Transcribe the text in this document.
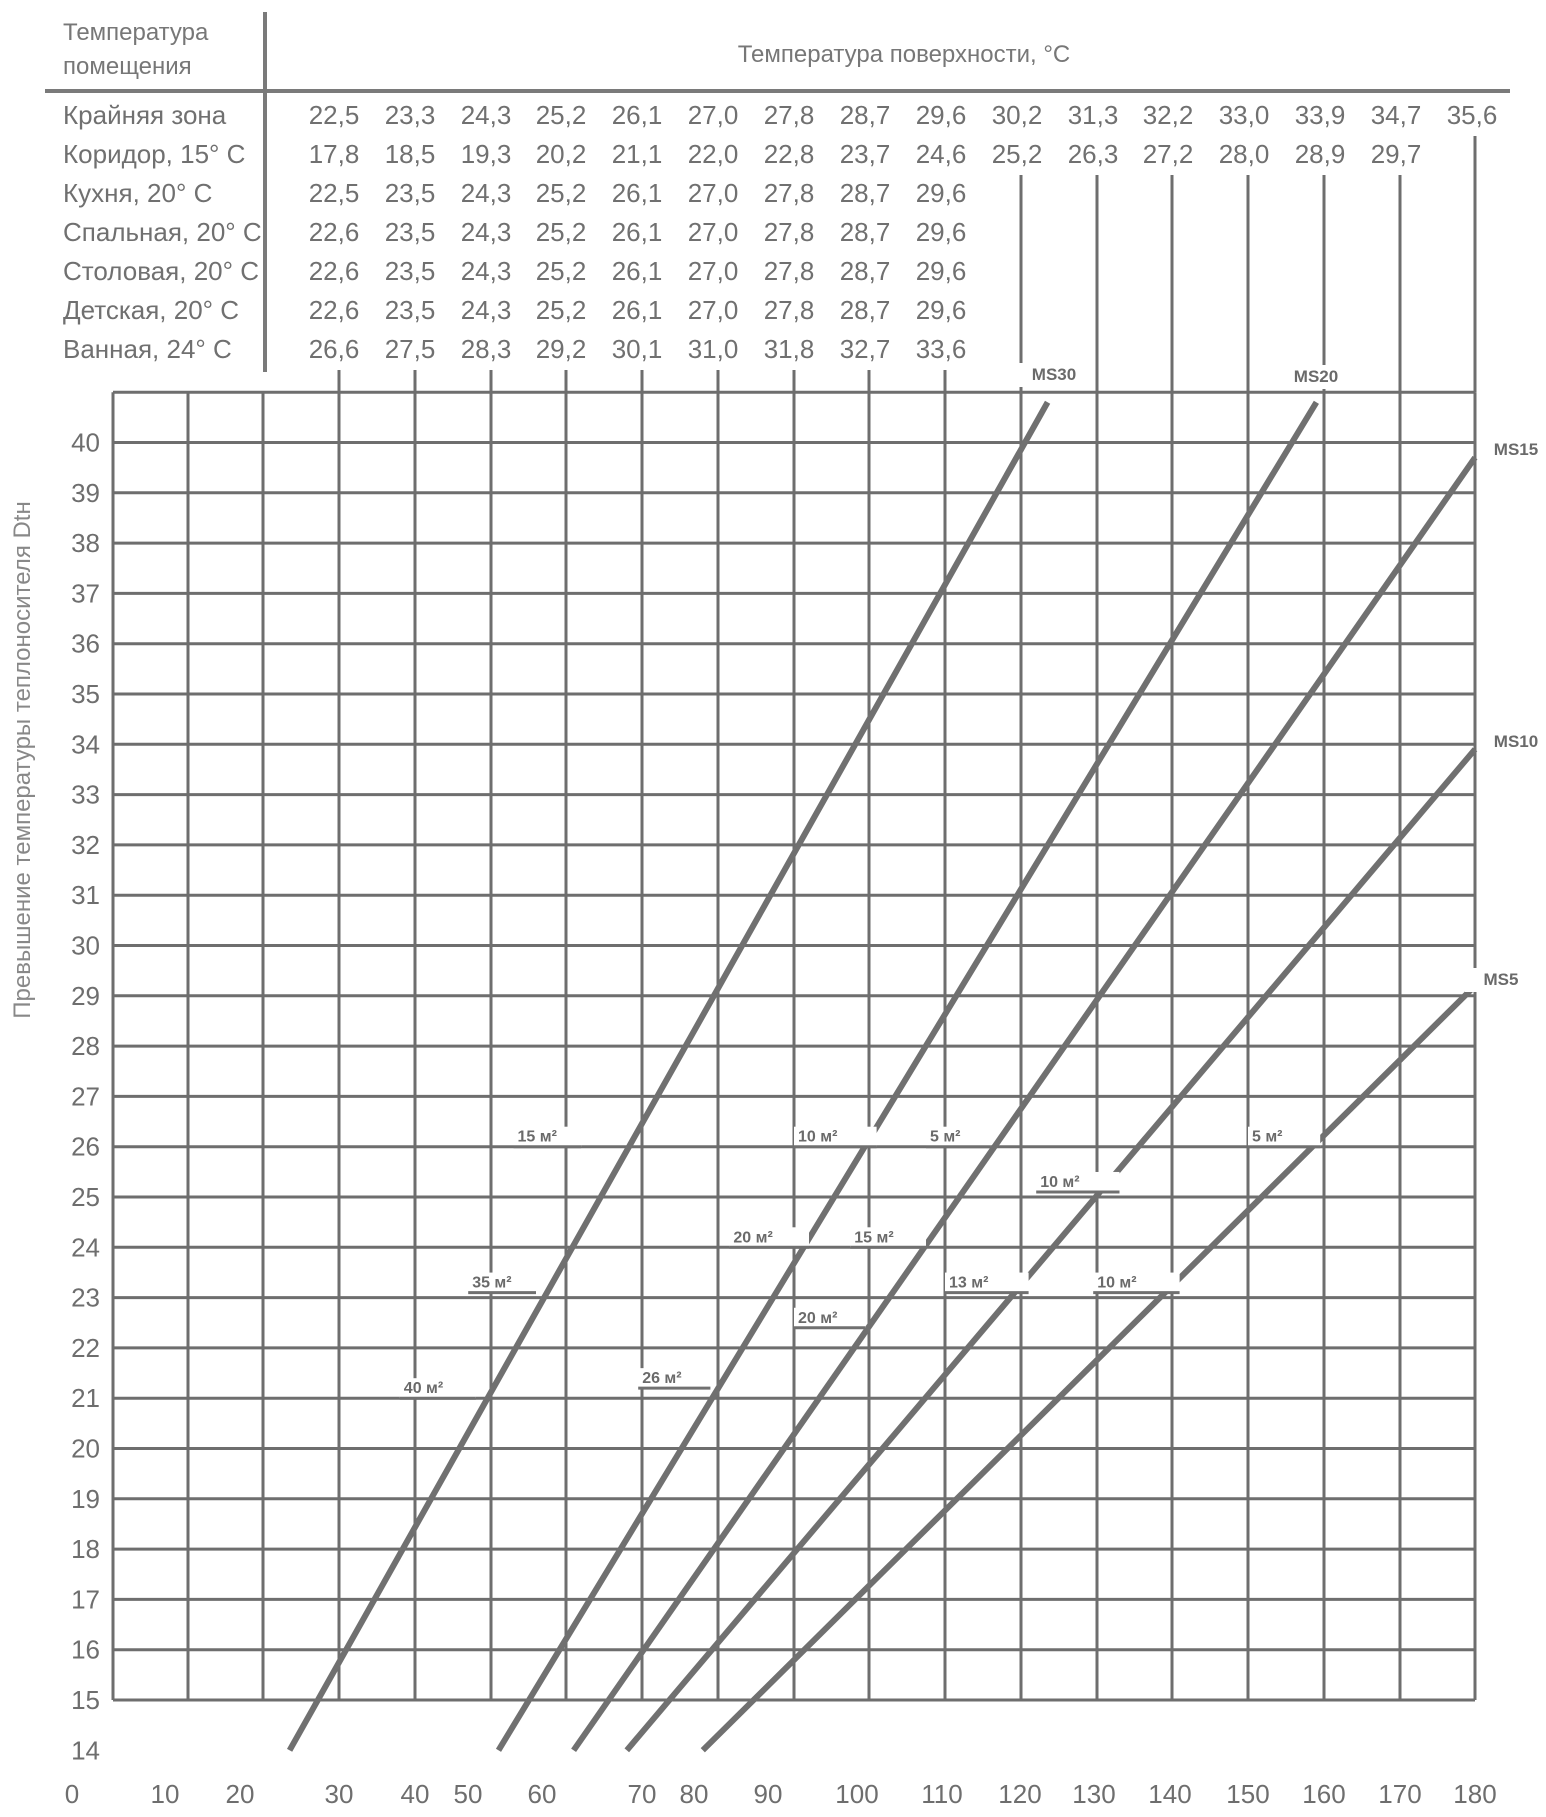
Температура помещения	Температура поверхности, °С
Крайняя зона	22,5 23,3 24,3 25,2 26,1 27,0 27,8 28,7 29,6 30,2 31,3 32,2 33,0 33,9 34,7 35,6
Коридор, 15° С 17,8 18,5 19,3 20,2 21,1 22,0 22,8 23,7 24,6 25,2 26,3 27,2 28,0 28,9 29,7
Кухня, 20° С	22,5 23,5 24,3 25,2 26,1 27,0 27,8 28,7 29,6
Спальная, 20° С 22,6 23,5 24,3 25,2 26,1 27,0 27,8 28,7 29,6
Столовая, 20° С 22,6 23,5 24,3 25,2 26,1 27,0 27,8 28,7 29,6
Детская, 20° С	22,6 23,5 24,3 25,2 26,1 27,0 27,8 28,7 29,6
Ванная, 24° С	26,6 27,5 28,3 29,2 30,1 31,0 31,8 32,7 33,6
MS30	MS20
MS15
MS10
MS5
15 м²
35 м²
40 м²
26 м²
10 м²
20 м²
20 м²
5 м²
15 м²
10 м²
13 м²
5 м²
10 м²
14
15
16
17
18
19
20
21
22
23
24
25
26
27
28
29
30
31
32
33
34
35
36
37
38
39
40
0	10 20	30 40 50 60	70 80 90 100 110 120 130 140 150 160 170 180
Превышение температуры теплоносителя Dtн
